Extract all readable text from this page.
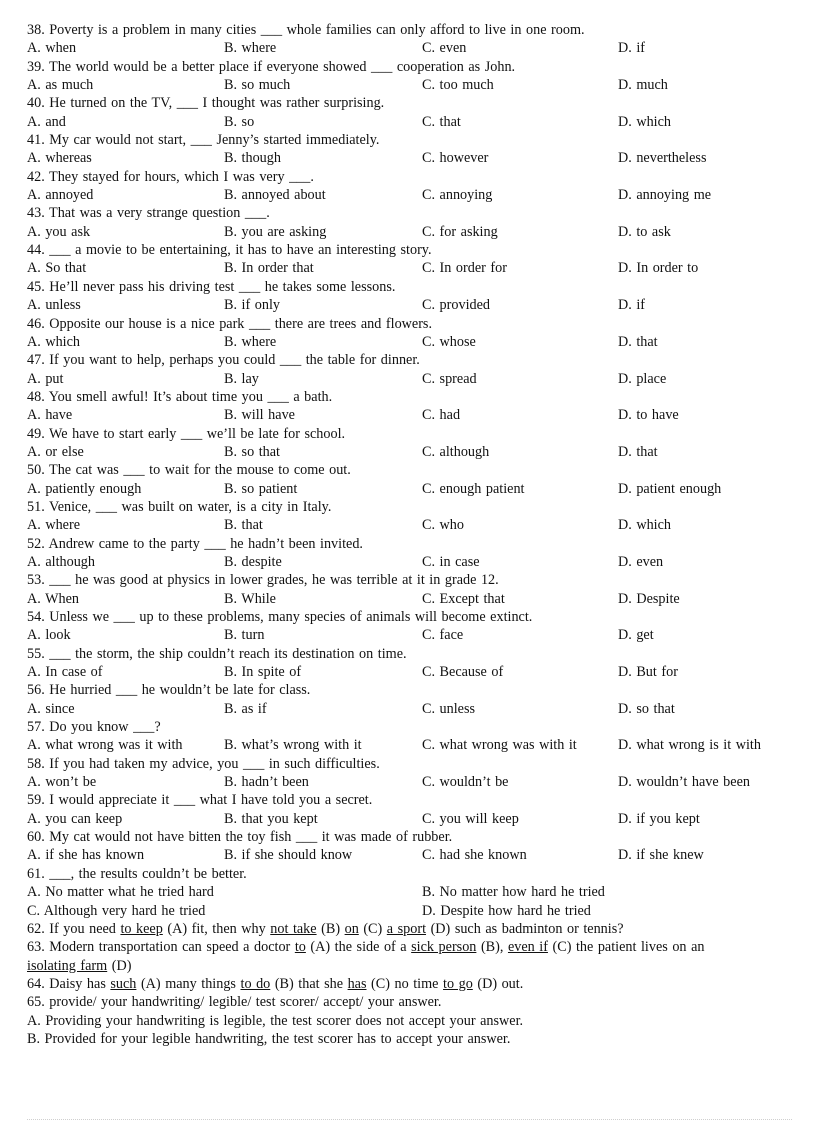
38. Poverty is a problem in many cities ___ whole families can only afford to live in one room.
A. when	B. where	C. even	D. if
39. The world would be a better place if everyone showed ___ cooperation as John.
A. as much	B. so much	C. too much	D. much
40. He turned on the TV, ___ I thought was rather surprising.
A. and	B. so	C. that	D. which
41. My car would not start, ___ Jenny’s started immediately.
A. whereas	B. though	C. however	D. nevertheless
42. They stayed for hours, which I was very ___.
A. annoyed	B. annoyed about	C. annoying	D. annoying me
43. That was a very strange question ___.
A. you ask	B. you are asking	C. for asking	D. to ask
44. ___ a movie to be entertaining, it has to have an interesting story.
A. So that	B. In order that	C. In order for	D. In order to
45. He’ll never pass his driving test ___ he takes some lessons.
A. unless	B. if only	C. provided	D. if
46. Opposite our house is a nice park ___ there are trees and flowers.
A. which	B. where	C. whose	D. that
47. If you want to help, perhaps you could ___ the table for dinner.
A. put	B. lay	C. spread	D. place
48. You smell awful! It’s about time you ___ a bath.
A. have	B. will have	C. had	D. to have
49. We have to start early ___ we’ll be late for school.
A. or else	B. so that	C. although	D. that
50. The cat was ___ to wait for the mouse to come out.
A. patiently enough	B. so patient	C. enough patient	D. patient enough
51. Venice, ___ was built on water, is a city in Italy.
A. where	B. that	C. who	D. which
52. Andrew came to the party ___ he hadn’t been invited.
A. although	B. despite	C. in case	D. even
53. ___ he was good at physics in lower grades, he was terrible at it in grade 12.
A. When	B. While	C. Except that	D. Despite
54. Unless we ___ up to these problems, many species of animals will become extinct.
A. look	B. turn	C. face	D. get
55. ___ the storm, the ship couldn’t reach its destination on time.
A. In case of	B. In spite of	C. Because of	D. But for
56. He hurried ___ he wouldn’t be late for class.
A. since	B. as if	C. unless	D. so that
57. Do you know ___?
A. what wrong was it with	B. what’s wrong with it	C. what wrong was with it	D. what wrong is it with
58. If you had taken my advice, you ___ in such difficulties.
A. won’t be	B. hadn’t been	C. wouldn’t be	D. wouldn’t have been
59. I would appreciate it ___ what I have told you a secret.
A. you can keep	B. that you kept	C. you will keep	D. if you kept
60. My cat would not have bitten the toy fish ___ it was made of rubber.
A. if she has known	B. if she should know	C. had she known	D. if she knew
61. ___, the results couldn’t be better.
A. No matter what he tried hard	B. No matter how hard he tried
C. Although very hard he tried	D. Despite how hard he tried
62. If you need to keep (A) fit, then why not take (B) on (C) a sport (D) such as badminton or tennis?
63. Modern transportation can speed a doctor to (A) the side of a sick person (B), even if (C) the patient lives on an
isolating farm (D)
64. Daisy has such (A) many things to do (B) that she has (C) no time to go (D) out.
65. provide/ your handwriting/ legible/ test scorer/ accept/ your answer.
A. Providing your handwriting is legible, the test scorer does not accept your answer.
B. Provided for your legible handwriting, the test scorer has to accept your answer.
